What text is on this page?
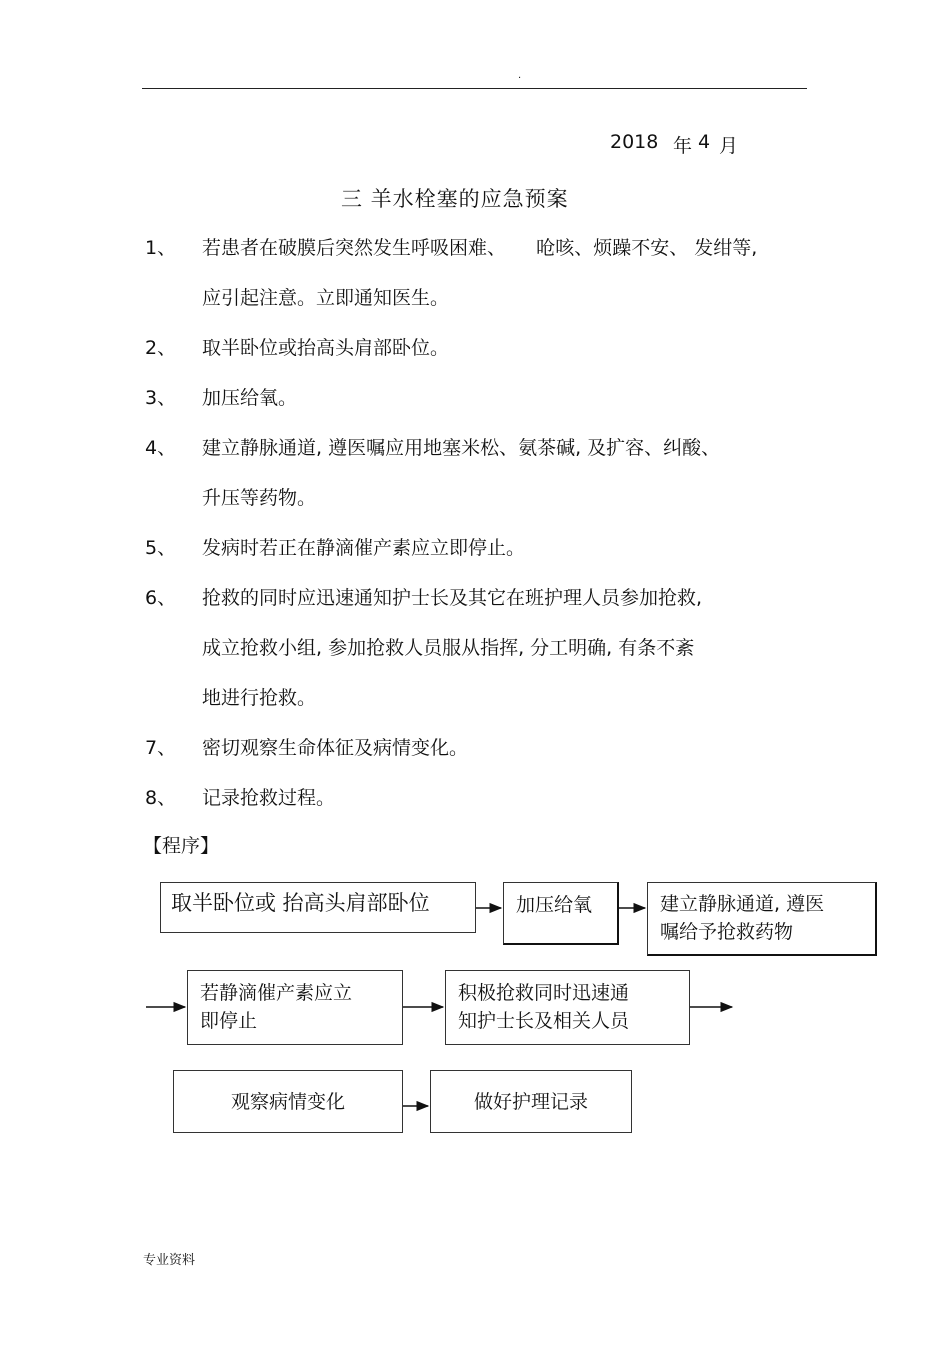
.
2018 年 4 月
三 羊水栓塞的应急预案
1、 若患者在破膜后突然发生呼吸困难、     呛咳、烦躁不安、 发绀等,
应引起注意。立即通知医生。
2、 取半卧位或抬高头肩部卧位。
3、 加压给氧。
4、 建立静脉通道, 遵医嘱应用地塞米松、氨茶碱, 及扩容、纠酸、
升压等药物。
5、 发病时若正在静滴催产素应立即停止。
6、 抢救的同时应迅速通知护士长及其它在班护理人员参加抢救,
成立抢救小组, 参加抢救人员服从指挥, 分工明确, 有条不紊
地进行抢救。
7、 密切观察生命体征及病情变化。
8、 记录抢救过程。
【程序】
取半卧位或 抬高头肩部卧位	加压给氧	建立静脉通道, 遵医
嘱给予抢救药物
若静滴催产素应立
即停止
积极抢救同时迅速通
知护士长及相关人员
观察病情变化	做好护理记录
专业资料
